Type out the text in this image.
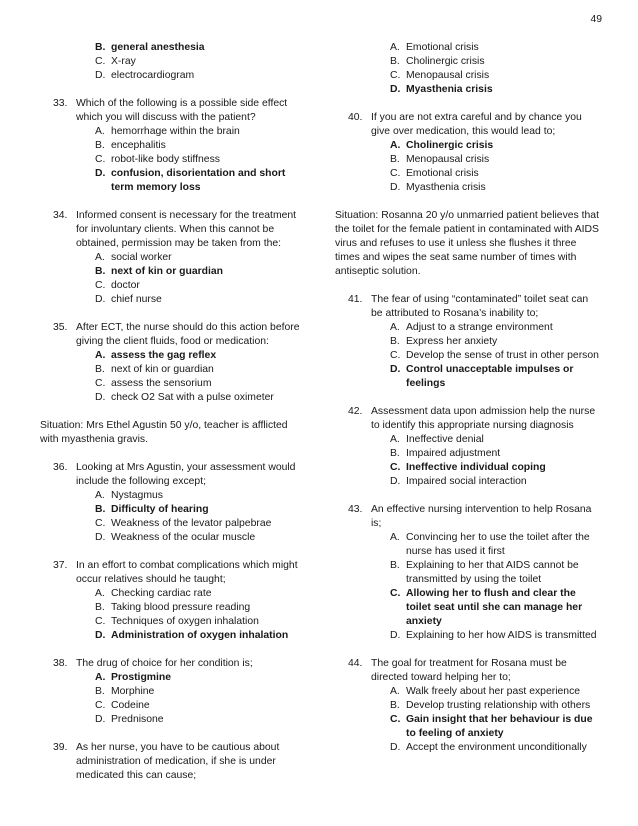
49
B. general anesthesia
C. X-ray
D. electrocardiogram
33. Which of the following is a possible side effect which you will discuss with the patient?
A. hemorrhage within the brain
B. encephalitis
C. robot-like body stiffness
D. confusion, disorientation and short term memory loss
34. Informed consent is necessary for the treatment for involuntary clients. When this cannot be obtained, permission may be taken from the:
A. social worker
B. next of kin or guardian
C. doctor
D. chief nurse
35. After ECT, the nurse should do this action before giving the client fluids, food or medication:
A. assess the gag reflex
B. next of kin or guardian
C. assess the sensorium
D. check O2 Sat with a pulse oximeter
Situation: Mrs Ethel Agustin 50 y/o, teacher is afflicted with myasthenia gravis.
36. Looking at Mrs Agustin, your assessment would include the following except;
A. Nystagmus
B. Difficulty of hearing
C. Weakness of the levator palpebrae
D. Weakness of the ocular muscle
37. In an effort to combat complications which might occur relatives should he taught;
A. Checking cardiac rate
B. Taking blood pressure reading
C. Techniques of oxygen inhalation
D. Administration of oxygen inhalation
38. The drug of choice for her condition is;
A. Prostigmine
B. Morphine
C. Codeine
D. Prednisone
39. As her nurse, you have to be cautious about administration of medication, if she is under medicated this can cause;
A. Emotional crisis
B. Cholinergic crisis
C. Menopausal crisis
D. Myasthenia crisis
40. If you are not extra careful and by chance you give over medication, this would lead to;
A. Cholinergic crisis
B. Menopausal crisis
C. Emotional crisis
D. Myasthenia crisis
Situation: Rosanna 20 y/o unmarried patient believes that the toilet for the female patient in contaminated with AIDS virus and refuses to use it unless she flushes it three times and wipes the seat same number of times with antiseptic solution.
41. The fear of using “contaminated” toilet seat can be attributed to Rosana’s inability to;
A. Adjust to a strange environment
B. Express her anxiety
C. Develop the sense of trust in other person
D. Control unacceptable impulses or feelings
42. Assessment data upon admission help the nurse to identify this appropriate nursing diagnosis
A. Ineffective denial
B. Impaired adjustment
C. Ineffective individual coping
D. Impaired social interaction
43. An effective nursing intervention to help Rosana is;
A. Convincing her to use the toilet after the nurse has used it first
B. Explaining to her that AIDS cannot be transmitted by using the toilet
C. Allowing her to flush and clear the toilet seat until she can manage her anxiety
D. Explaining to her how AIDS is transmitted
44. The goal for treatment for Rosana must be directed toward helping her to;
A. Walk freely about her past experience
B. Develop trusting relationship with others
C. Gain insight that her behaviour is due to feeling of anxiety
D. Accept the environment unconditionally
